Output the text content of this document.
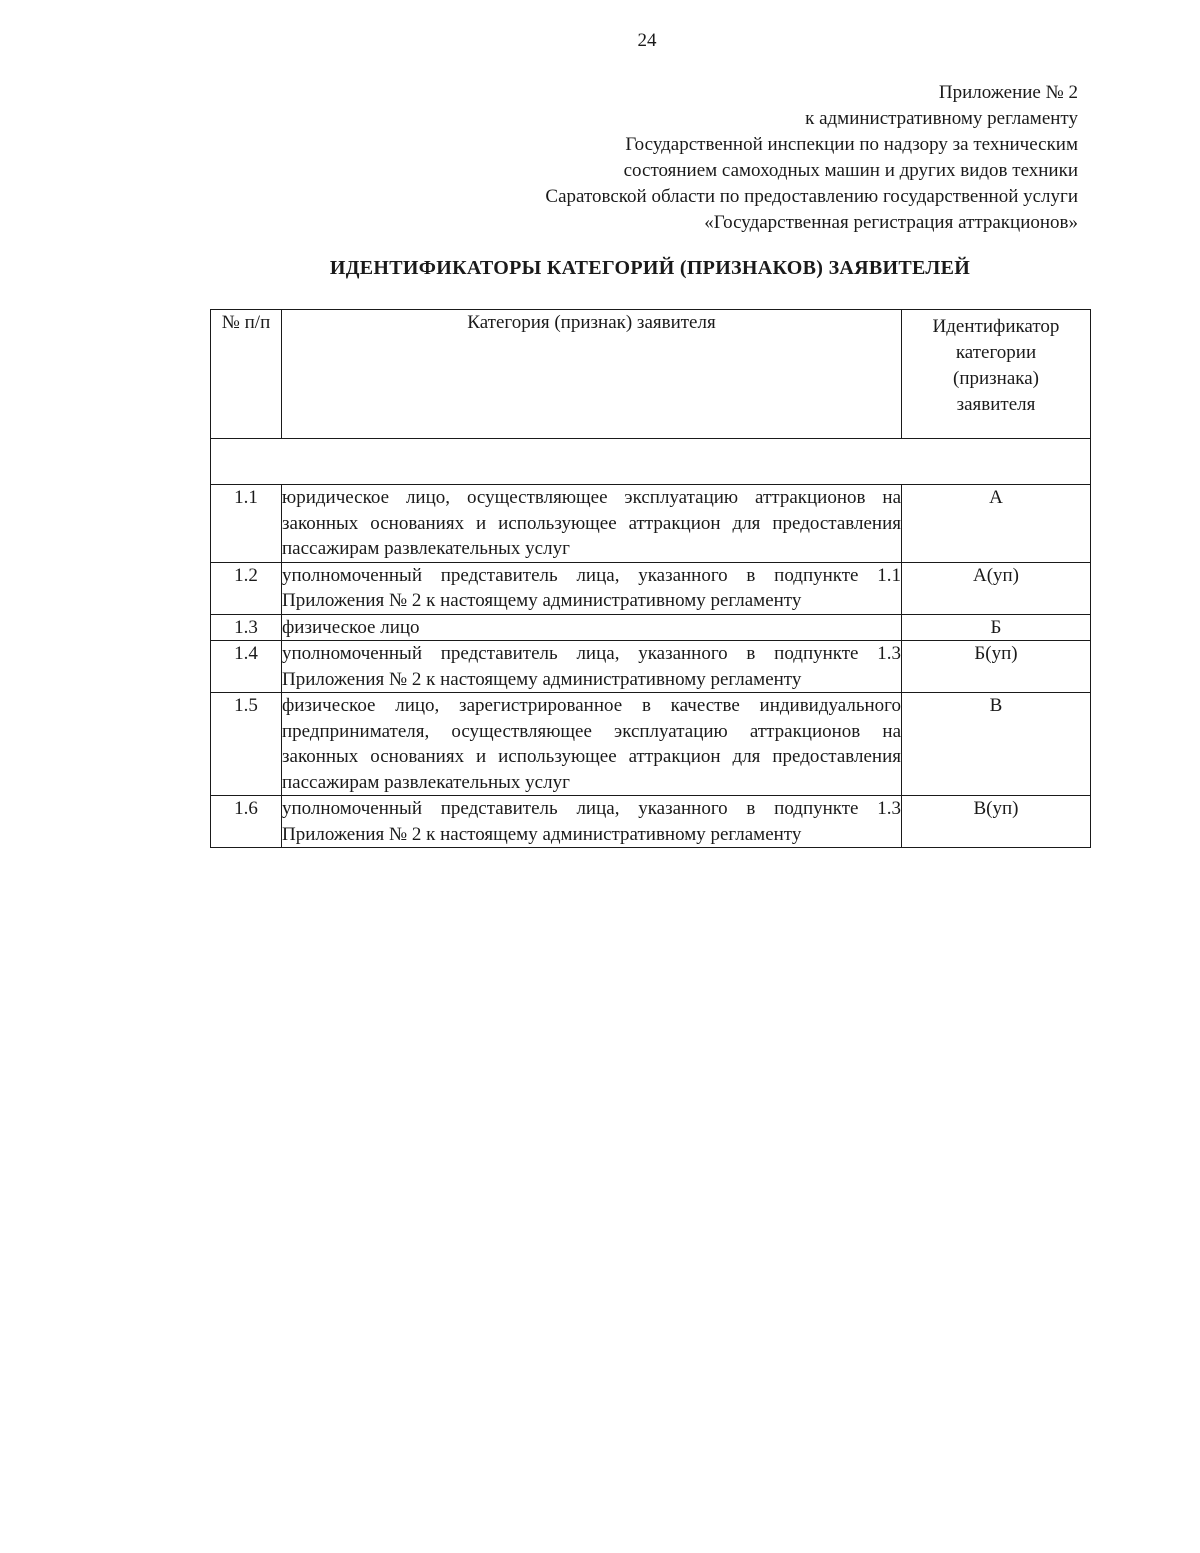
24
Приложение № 2
к административному регламенту
Государственной инспекции по надзору за техническим
состоянием самоходных машин и других видов техники
Саратовской области по предоставлению государственной услуги
«Государственная регистрация аттракционов»
ИДЕНТИФИКАТОРЫ КАТЕГОРИЙ (ПРИЗНАКОВ) ЗАЯВИТЕЛЕЙ
№ п/п	Категория (признак) заявителя	Идентификатор
категории
(признака)
заявителя

1.1	юридическое лицо, осуществляющее эксплуатацию аттракционов на законных основаниях и использующее аттракцион для предоставления пассажирам развлекательных услуг	А
1.2	уполномоченный представитель лица, указанного в подпункте 1.1 Приложения № 2 к настоящему административному регламенту	А(уп)
1.3	физическое лицо	Б
1.4	уполномоченный представитель лица, указанного в подпункте 1.3 Приложения № 2 к настоящему административному регламенту	Б(уп)
1.5	физическое лицо, зарегистрированное в качестве индивидуального предпринимателя, осуществляющее эксплуатацию аттракционов на законных основаниях и использующее аттракцион для предоставления пассажирам развлекательных услуг	В
1.6	уполномоченный представитель лица, указанного в подпункте 1.3 Приложения № 2 к настоящему административному регламенту	В(уп)
